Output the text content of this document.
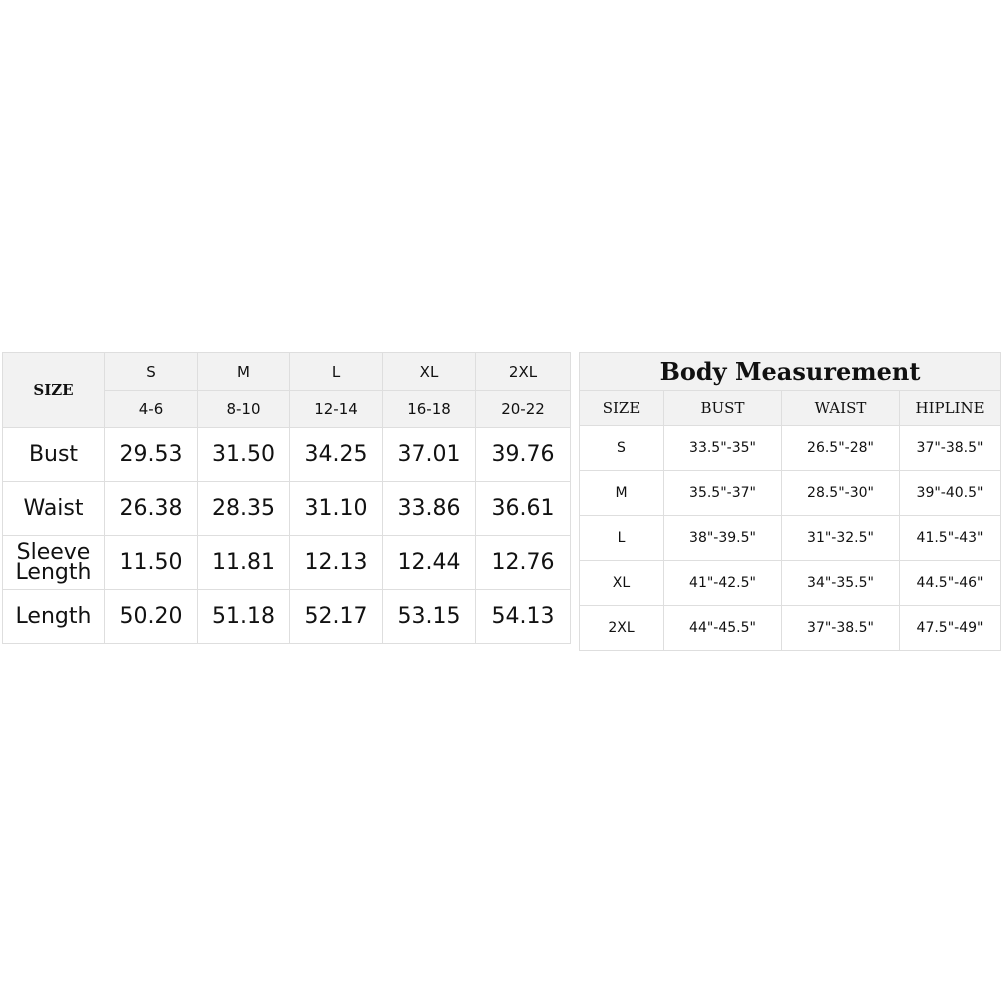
SIZE	S	M	L	XL	2XL
	4-6	8-10	12-14	16-18	20-22
Bust	29.53	31.50	34.25	37.01	39.76
Waist	26.38	28.35	31.10	33.86	36.61
Sleeve Length	11.50	11.81	12.13	12.44	12.76
Length	50.20	51.18	52.17	53.15	54.13
Body Measurement			
SIZE	BUST	WAIST	HIPLINE
S	33.5"-35"	26.5"-28"	37"-38.5"
M	35.5"-37"	28.5"-30"	39"-40.5"
L	38"-39.5"	31"-32.5"	41.5"-43"
XL	41"-42.5"	34"-35.5"	44.5"-46"
2XL	44"-45.5"	37"-38.5"	47.5"-49"
